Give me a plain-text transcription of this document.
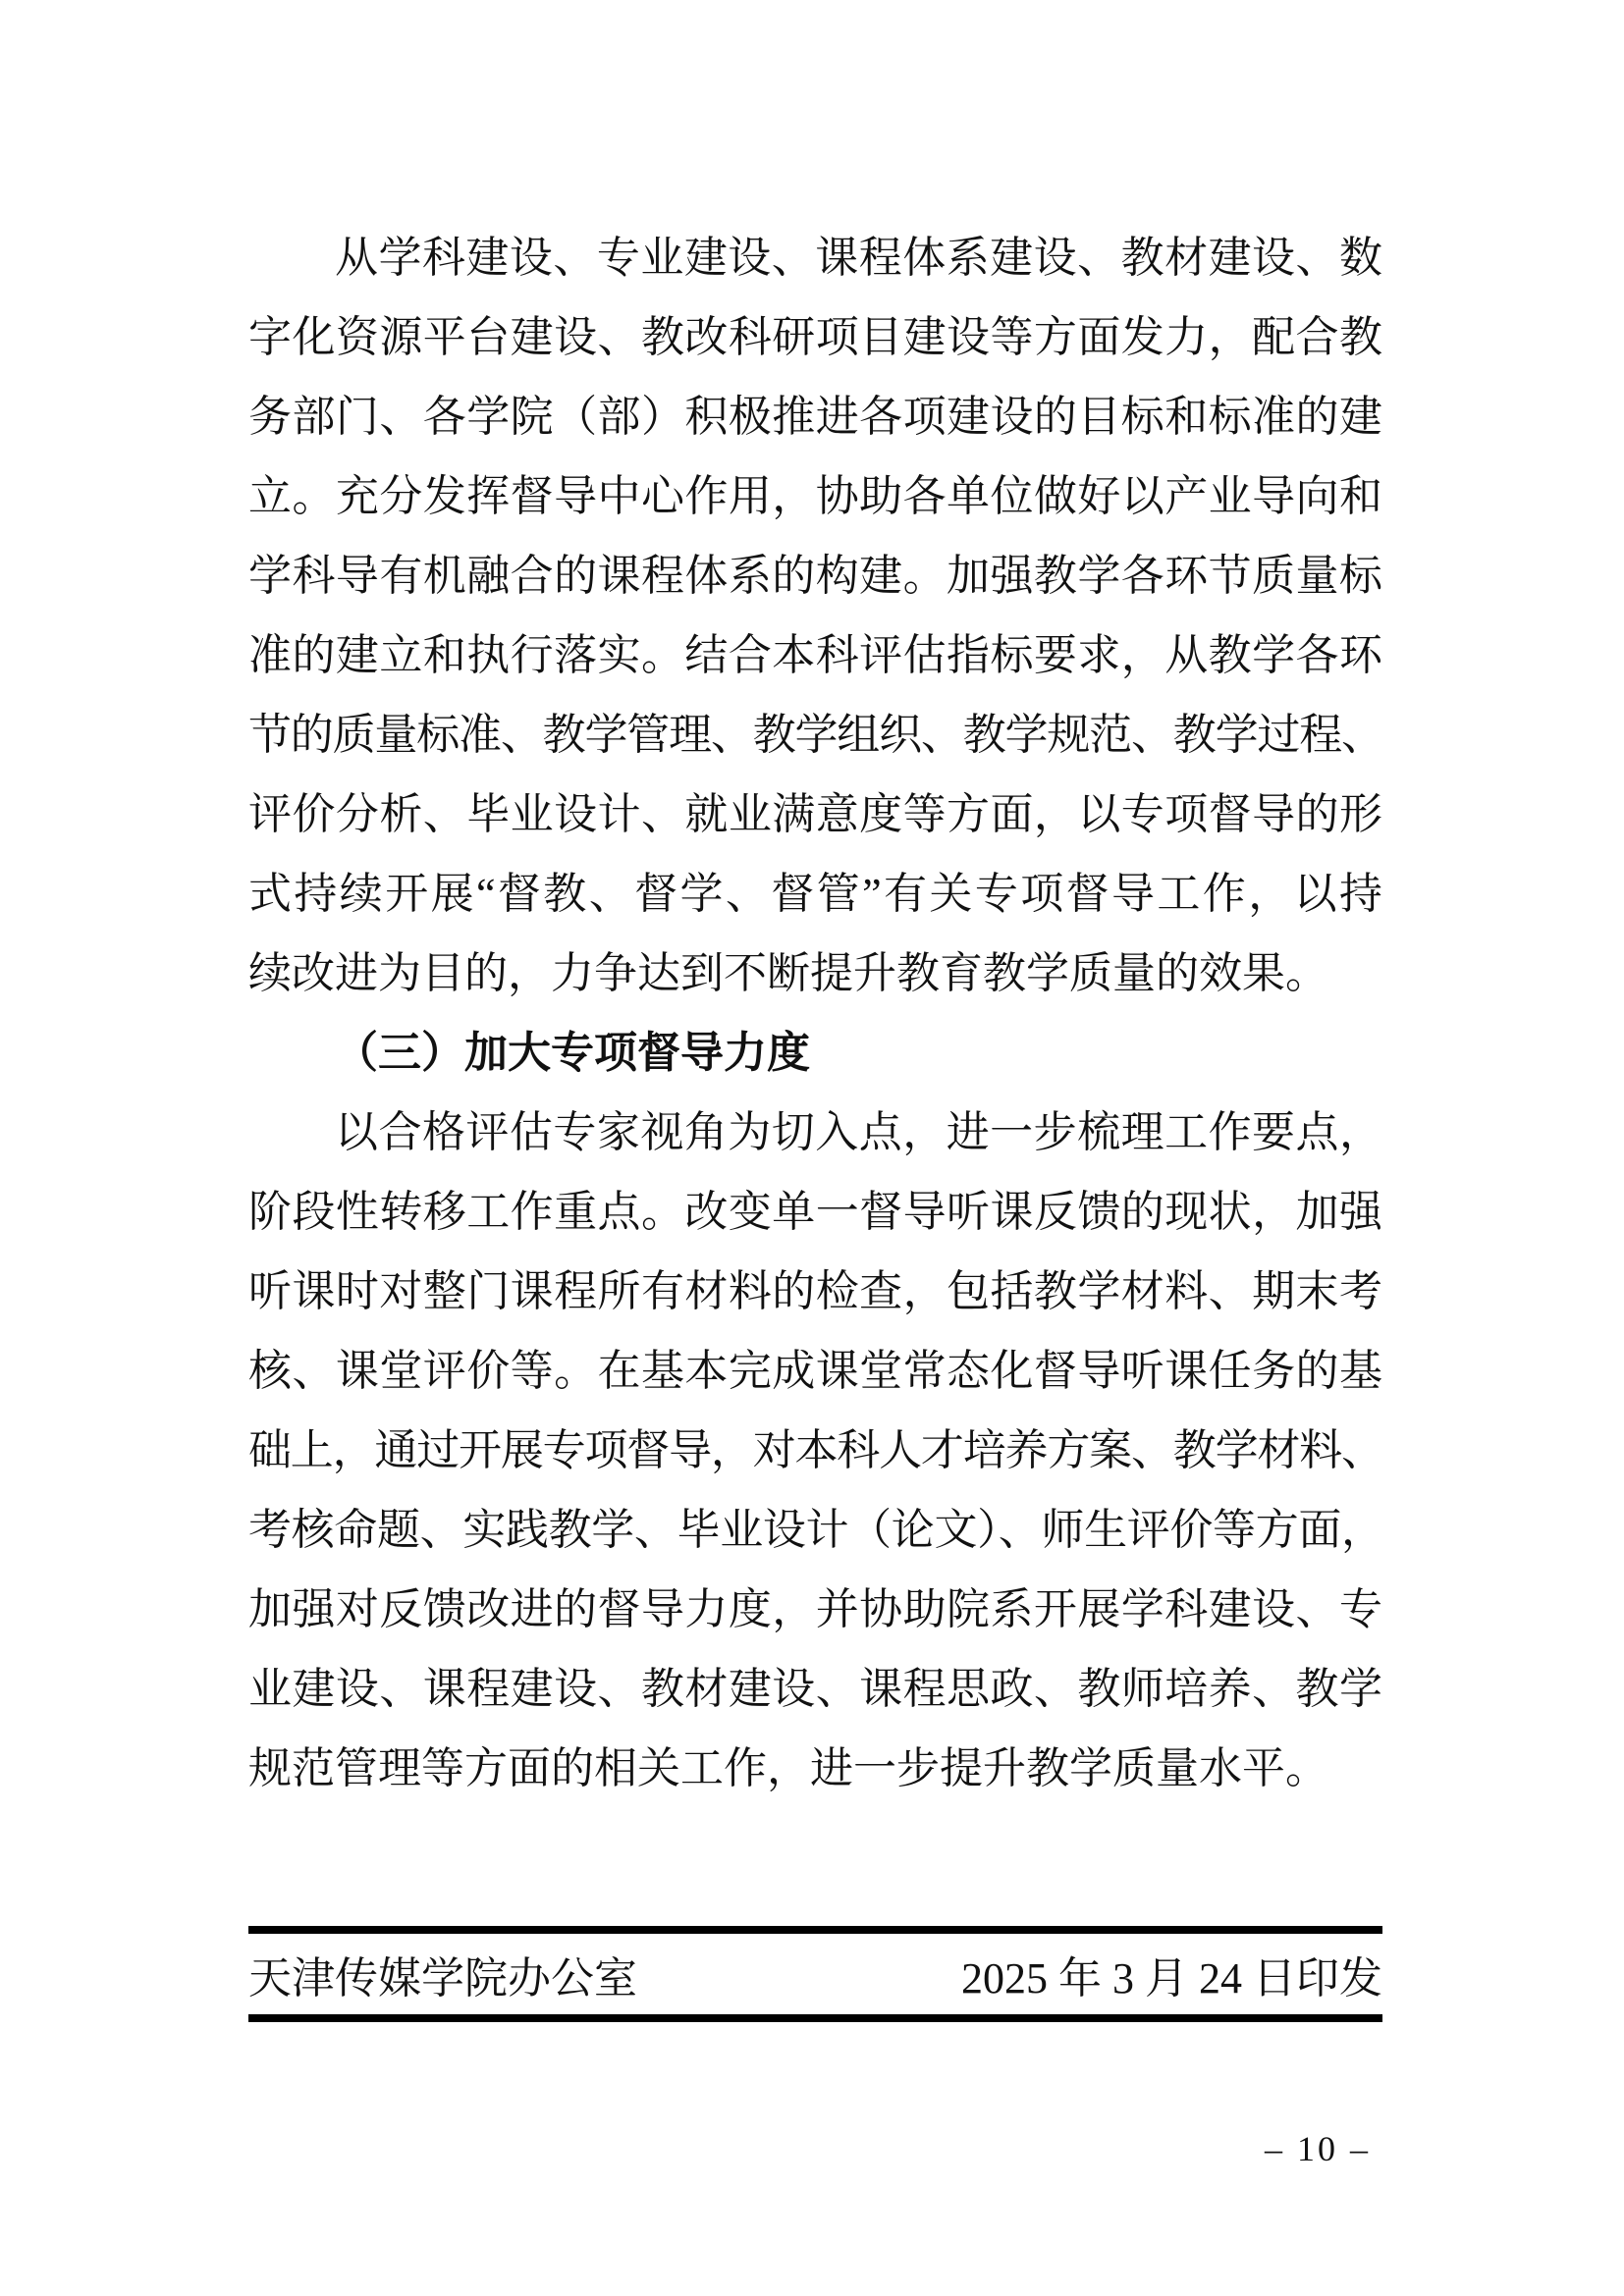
从学科建设、专业建设、课程体系建设、教材建设、数
字化资源平台建设、教改科研项目建设等方面发力，配合教
务部门、各学院（部）积极推进各项建设的目标和标准的建
立。充分发挥督导中心作用，协助各单位做好以产业导向和
学科导有机融合的课程体系的构建。加强教学各环节质量标
准的建立和执行落实。结合本科评估指标要求，从教学各环
节的质量标准、教学管理、教学组织、教学规范、教学过程、
评价分析、毕业设计、就业满意度等方面，以专项督导的形
式持续开展“督教、督学、督管”有关专项督导工作，以持
续改进为目的，力争达到不断提升教育教学质量的效果。
（三）加大专项督导力度
以合格评估专家视角为切入点，进一步梳理工作要点，
阶段性转移工作重点。改变单一督导听课反馈的现状，加强
听课时对整门课程所有材料的检查，包括教学材料、期末考
核、课堂评价等。在基本完成课堂常态化督导听课任务的基
础上，通过开展专项督导，对本科人才培养方案、教学材料、
考核命题、实践教学、毕业设计（论文）、师生评价等方面，
加强对反馈改进的督导力度，并协助院系开展学科建设、专
业建设、课程建设、教材建设、课程思政、教师培养、教学
规范管理等方面的相关工作，进一步提升教学质量水平。
天津传媒学院办公室	2025 年 3 月 24 日印发
– 10 –
